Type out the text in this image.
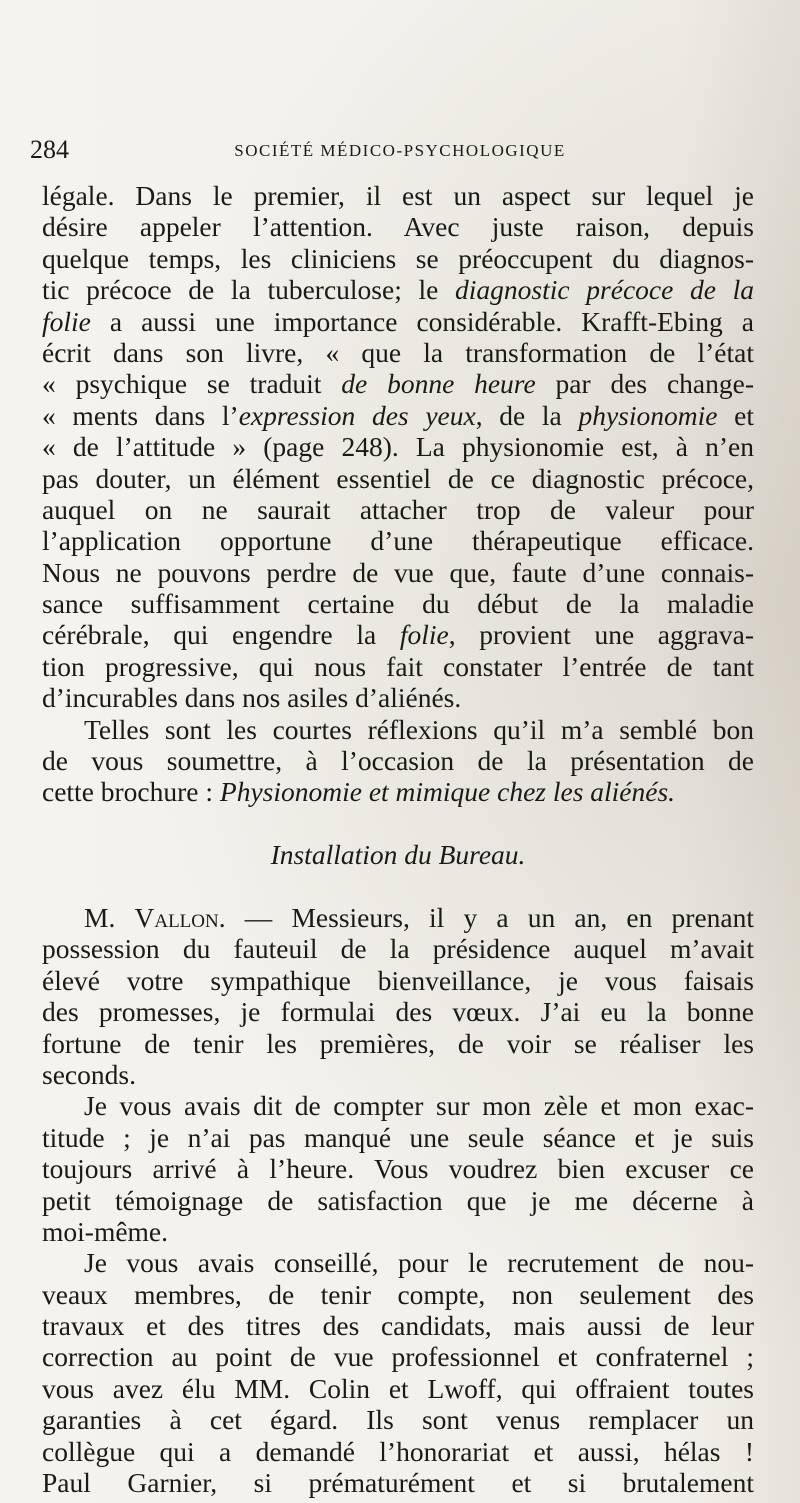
284	SOCIÉTÉ MÉDICO-PSYCHOLOGIQUE
légale. Dans le premier, il est un aspect sur lequel je
désire appeler l’attention. Avec juste raison, depuis
quelque temps, les cliniciens se préoccupent du diagnos-
tic précoce de la tuberculose; le diagnostic précoce de la
folie a aussi une importance considérable. Krafft-Ebing a
écrit dans son livre, « que la transformation de l’état
« psychique se traduit de bonne heure par des change-
« ments dans l’expression des yeux, de la physionomie et
« de l’attitude » (page 248). La physionomie est, à n’en
pas douter, un élément essentiel de ce diagnostic précoce,
auquel on ne saurait attacher trop de valeur pour
l’application opportune d’une thérapeutique efficace.
Nous ne pouvons perdre de vue que, faute d’une connais-
sance suffisamment certaine du début de la maladie
cérébrale, qui engendre la folie, provient une aggrava-
tion progressive, qui nous fait constater l’entrée de tant
d’incurables dans nos asiles d’aliénés.
Telles sont les courtes réflexions qu’il m’a semblé bon
de vous soumettre, à l’occasion de la présentation de
cette brochure : Physionomie et mimique chez les aliénés.
Installation du Bureau.
M. Vallon. — Messieurs, il y a un an, en prenant
possession du fauteuil de la présidence auquel m’avait
élevé votre sympathique bienveillance, je vous faisais
des promesses, je formulai des vœux. J’ai eu la bonne
fortune de tenir les premières, de voir se réaliser les
seconds.
Je vous avais dit de compter sur mon zèle et mon exac-
titude ; je n’ai pas manqué une seule séance et je suis
toujours arrivé à l’heure. Vous voudrez bien excuser ce
petit témoignage de satisfaction que je me décerne à
moi-même.
Je vous avais conseillé, pour le recrutement de nou-
veaux membres, de tenir compte, non seulement des
travaux et des titres des candidats, mais aussi de leur
correction au point de vue professionnel et confraternel ;
vous avez élu MM. Colin et Lwoff, qui offraient toutes
garanties à cet égard. Ils sont venus remplacer un
collègue qui a demandé l’honorariat et aussi, hélas !
Paul Garnier, si prématurément et si brutalement
